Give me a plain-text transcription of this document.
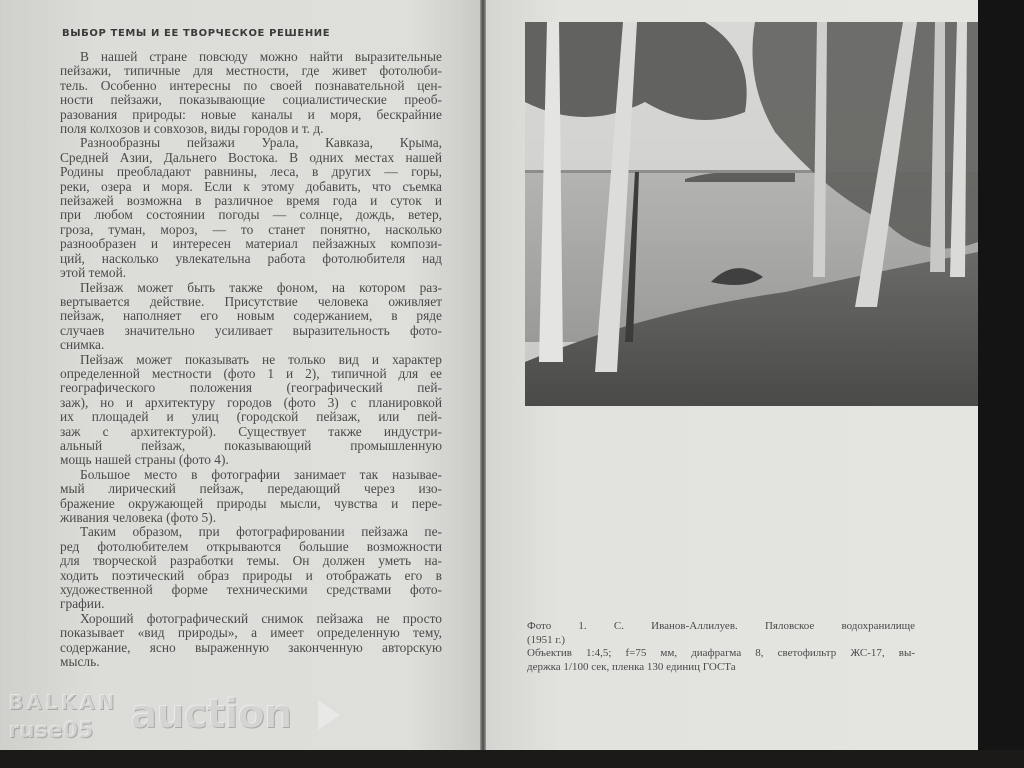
ВЫБОР ТЕМЫ И ЕЕ ТВОРЧЕСКОЕ РЕШЕНИЕ
В нашей стране повсюду можно найти выразительные
пейзажи, типичные для местности, где живет фотолюби-
тель. Особенно интересны по своей познавательной цен-
ности пейзажи, показывающие социалистические преоб-
разования природы: новые каналы и моря, бескрайние
поля колхозов и совхозов, виды городов и т. д.
Разнообразны пейзажи Урала, Кавказа, Крыма,
Средней Азии, Дальнего Востока. В одних местах нашей
Родины преобладают равнины, леса, в других — горы,
реки, озера и моря. Если к этому добавить, что съемка
пейзажей возможна в различное время года и суток и
при любом состоянии погоды — солнце, дождь, ветер,
гроза, туман, мороз, — то станет понятно, насколько
разнообразен и интересен материал пейзажных компози-
ций, насколько увлекательна работа фотолюбителя над
этой темой.
Пейзаж может быть также фоном, на котором раз-
вертывается действие. Присутствие человека оживляет
пейзаж, наполняет его новым содержанием, в ряде
случаев значительно усиливает выразительность фото-
снимка.
Пейзаж может показывать не только вид и характер
определенной местности (фото 1 и 2), типичной для ее
географического положения (географический пей-
заж), но и архитектуру городов (фото 3) с планировкой
их площадей и улиц (городской пейзаж, или пей-
заж с архитектурой). Существует также индустри-
альный пейзаж, показывающий промышленную
мощь нашей страны (фото 4).
Большое место в фотографии занимает так называе-
мый лирический пейзаж, передающий через изо-
бражение окружающей природы мысли, чувства и пере-
живания человека (фото 5).
Таким образом, при фотографировании пейзажа пе-
ред фотолюбителем открываются большие возможности
для творческой разработки темы. Он должен уметь на-
ходить поэтический образ природы и отображать его в
художественной форме техническими средствами фото-
графии.
Хороший фотографический снимок пейзажа не просто
показывает «вид природы», а имеет определенную тему,
содержание, ясно выраженную законченную авторскую
мысль.
Фото 1. С. Иванов-Аллилуев. Пяловское водохранилище
(1951 г.)
Объектив 1:4,5; f=75 мм, диафрагма 8, светофильтр ЖС-17, вы-
держка 1/100 сек, пленка 130 единиц ГОСТа
BALKAN auction
ruse05
